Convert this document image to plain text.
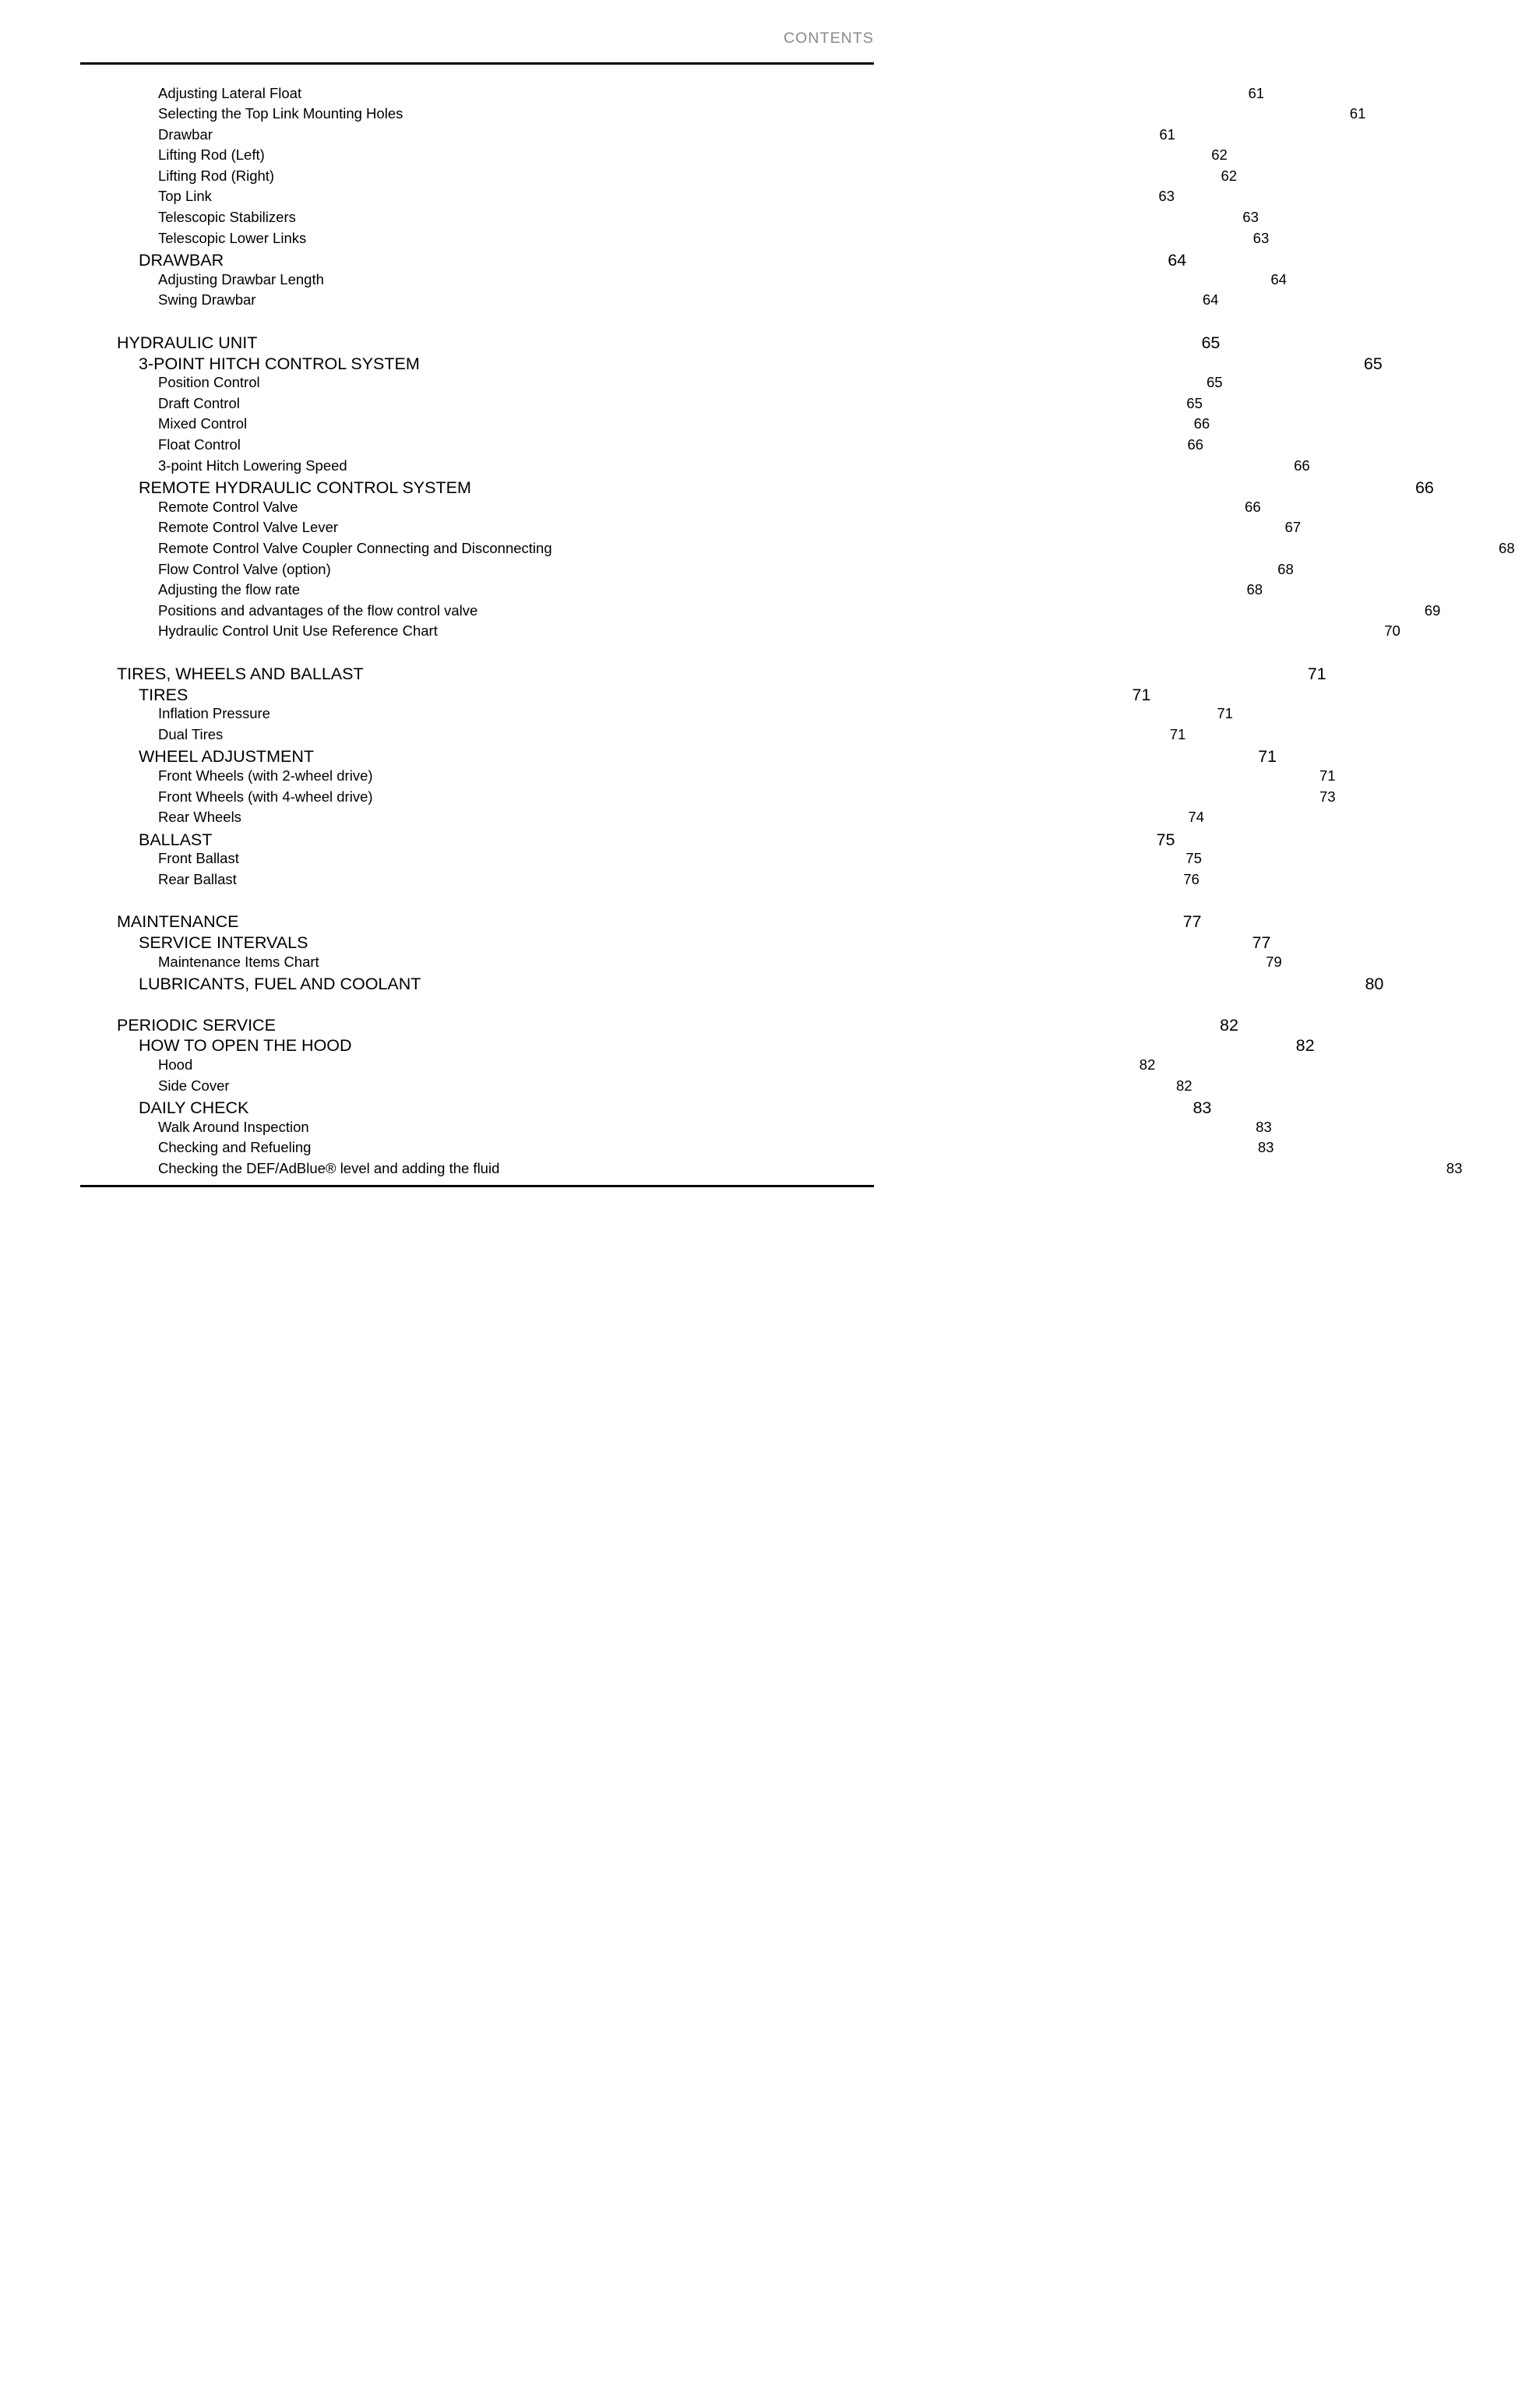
CONTENTS
Adjusting Lateral Float	61
Selecting the Top Link Mounting Holes	61
Drawbar	61
Lifting Rod (Left)	62
Lifting Rod (Right)	62
Top Link	63
Telescopic Stabilizers	63
Telescopic Lower Links	63
DRAWBAR	64
Adjusting Drawbar Length	64
Swing Drawbar	64
HYDRAULIC UNIT	65
3-POINT HITCH CONTROL SYSTEM	65
Position Control	65
Draft Control	65
Mixed Control	66
Float Control	66
3-point Hitch Lowering Speed	66
REMOTE HYDRAULIC CONTROL SYSTEM	66
Remote Control Valve	66
Remote Control Valve Lever	67
Remote Control Valve Coupler Connecting and Disconnecting	68
Flow Control Valve (option)	68
Adjusting the flow rate	68
Positions and advantages of the flow control valve	69
Hydraulic Control Unit Use Reference Chart	70
TIRES, WHEELS AND BALLAST	71
TIRES	71
Inflation Pressure	71
Dual Tires	71
WHEEL ADJUSTMENT	71
Front Wheels (with 2-wheel drive)	71
Front Wheels (with 4-wheel drive)	73
Rear Wheels	74
BALLAST	75
Front Ballast	75
Rear Ballast	76
MAINTENANCE	77
SERVICE INTERVALS	77
Maintenance Items Chart	79
LUBRICANTS, FUEL AND COOLANT	80
PERIODIC SERVICE	82
HOW TO OPEN THE HOOD	82
Hood	82
Side Cover	82
DAILY CHECK	83
Walk Around Inspection	83
Checking and Refueling	83
Checking the DEF/AdBlue® level and adding the fluid	83
